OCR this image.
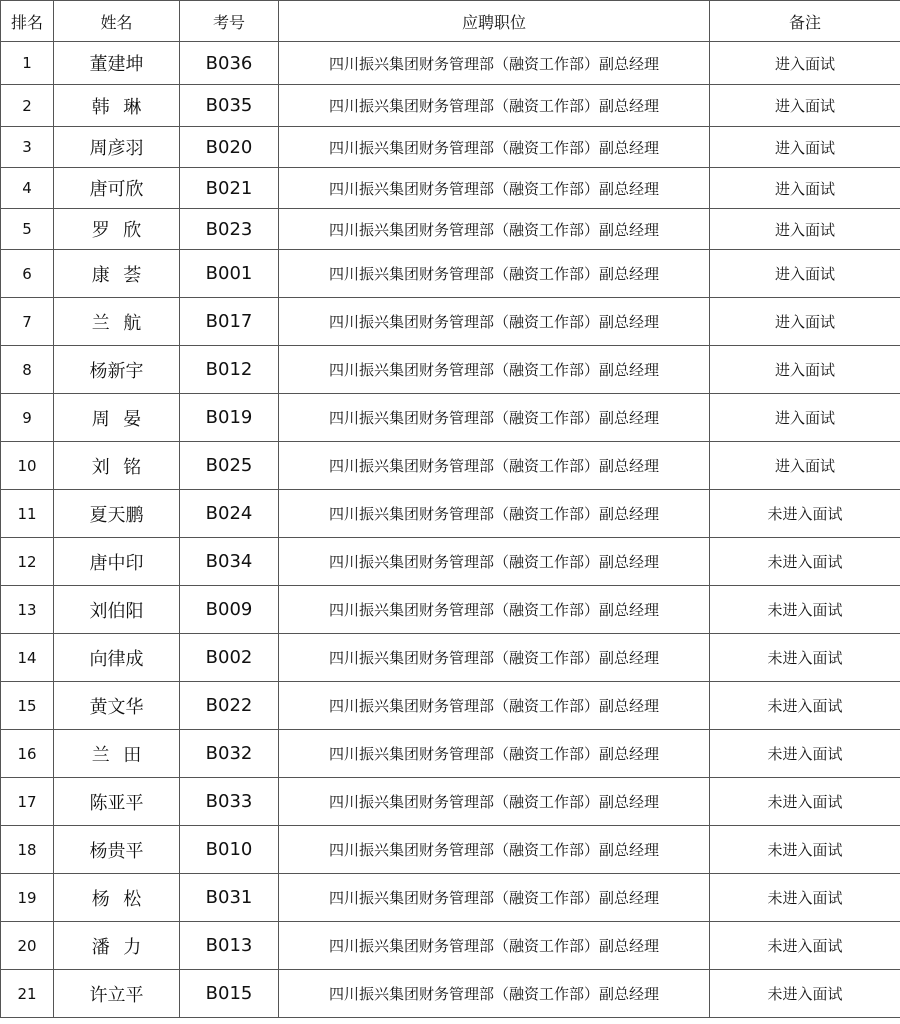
排名	姓名	考号	应聘职位	备注
1	董建坤	B036	四川振兴集团财务管理部（融资工作部）副总经理	进入面试
2	韩琳	B035	四川振兴集团财务管理部（融资工作部）副总经理	进入面试
3	周彦羽	B020	四川振兴集团财务管理部（融资工作部）副总经理	进入面试
4	唐可欣	B021	四川振兴集团财务管理部（融资工作部）副总经理	进入面试
5	罗欣	B023	四川振兴集团财务管理部（融资工作部）副总经理	进入面试
6	康荟	B001	四川振兴集团财务管理部（融资工作部）副总经理	进入面试
7	兰航	B017	四川振兴集团财务管理部（融资工作部）副总经理	进入面试
8	杨新宇	B012	四川振兴集团财务管理部（融资工作部）副总经理	进入面试
9	周晏	B019	四川振兴集团财务管理部（融资工作部）副总经理	进入面试
10	刘铭	B025	四川振兴集团财务管理部（融资工作部）副总经理	进入面试
11	夏天鹏	B024	四川振兴集团财务管理部（融资工作部）副总经理	未进入面试
12	唐中印	B034	四川振兴集团财务管理部（融资工作部）副总经理	未进入面试
13	刘伯阳	B009	四川振兴集团财务管理部（融资工作部）副总经理	未进入面试
14	向律成	B002	四川振兴集团财务管理部（融资工作部）副总经理	未进入面试
15	黄文华	B022	四川振兴集团财务管理部（融资工作部）副总经理	未进入面试
16	兰田	B032	四川振兴集团财务管理部（融资工作部）副总经理	未进入面试
17	陈亚平	B033	四川振兴集团财务管理部（融资工作部）副总经理	未进入面试
18	杨贵平	B010	四川振兴集团财务管理部（融资工作部）副总经理	未进入面试
19	杨松	B031	四川振兴集团财务管理部（融资工作部）副总经理	未进入面试
20	潘力	B013	四川振兴集团财务管理部（融资工作部）副总经理	未进入面试
21	许立平	B015	四川振兴集团财务管理部（融资工作部）副总经理	未进入面试
